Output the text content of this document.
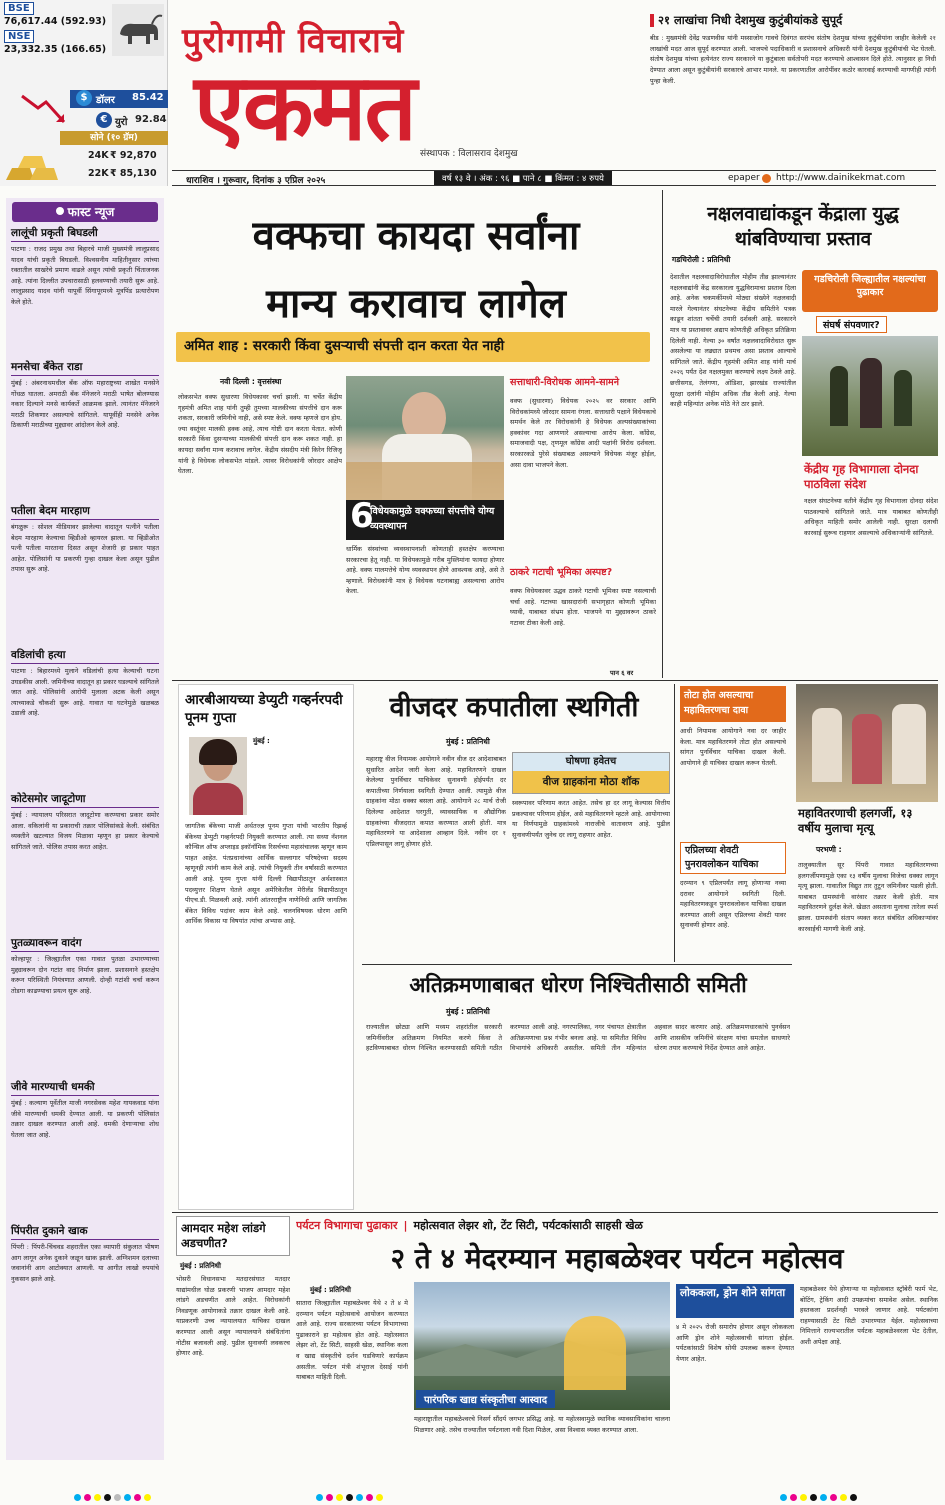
BSE
76,617.44 (592.93)
NSE
23,332.35 (166.65)
$ डॉलर 85.42
€ युरो 92.84
सोने (१० ग्रॅम)
24K ₹ 92,870
22K ₹ 85,130
पुरोगामी विचाराचे
एकमत संस्थापक : विलासराव देशमुख
२१ लाखांचा निधी देशमुख कुटुंबीयांकडे सुपूर्द
बीड : मुख्यमंत्री देवेंद्र फडणवीस यांनी मस्साजोग गावचे दिवंगत सरपंच संतोष देशमुख यांच्या कुटुंबीयांना जाहीर केलेली २१ लाखांची मदत आज सुपूर्द करण्यात आली. भाजपचे पदाधिकारी व प्रशासनाचे अधिकारी यांनी देशमुख कुटुंबीयांची भेट घेतली. संतोष देशमुख यांच्या हत्येनंतर राज्य सरकारने या कुटुंबाला सर्वतोपरी मदत करण्याचे आश्वासन दिले होते. त्यानुसार हा निधी देण्यात आला असून कुटुंबीयांनी सरकारचे आभार मानले. या प्रकरणातील आरोपींवर कठोर कारवाई करण्याची मागणीही त्यांनी पुन्हा केली.
धाराशिव । गुरूवार, दिनांक ३ एप्रिल २०२५	वर्ष १३ वे । अंक : ९६ ■ पाने ८ ■ किंमत : ४ रुपये	epaper http://www.dainikekmat.com
फास्ट न्यूज
लालूंची प्रकृती बिघडली
पाटणा : राजद प्रमुख तथा बिहारचे माजी मुख्यमंत्री लालूप्रसाद यादव यांची प्रकृती बिघडली. विश्वसनीय माहितीनुसार त्यांच्या रक्तातील साखरेचे प्रमाण वाढले असून त्यांची प्रकृती चिंताजनक आहे. त्यांना दिल्लीत उपचारासाठी हलवण्याची तयारी सुरू आहे. लालूप्रसाद यादव यांनी यापूर्वी सिंगापूरमध्ये मूत्रपिंड प्रत्यारोपण केले होते.
मनसेचा बँकेत राडा
मुंबई : अंबरनाथमधील बँक ऑफ महाराष्ट्रच्या शाखेत मनसेने गोंधळ घातला. अमराठी बँक मॅनेजरने मराठी भाषेत बोलण्यास नकार दिल्याने मनसे कार्यकर्ते आक्रमक झाले. त्यानंतर मॅनेजरने मराठी शिकणार असल्याचे सांगितले. यापूर्वीही मनसेने अनेक ठिकाणी मराठीच्या मुद्द्यावर आंदोलन केले आहे.
पतीला बेदम मारहाण
बंगळुरू : सोशल मीडियावर झालेल्या वादातून पत्नीने पतीला बेदम मारहाण केल्याचा व्हिडीओ व्हायरल झाला. या व्हिडीओत पत्नी पतीला मारताना दिसत असून शेजारी हा प्रकार पाहत आहेत. पोलिसांनी या प्रकरणी गुन्हा दाखल केला असून पुढील तपास सुरू आहे.
वडिलांची हत्या
पाटणा : बिहारमध्ये मुलाने वडिलांची हत्या केल्याची घटना उघडकीस आली. जमिनीच्या वादातून हा प्रकार घडल्याचे सांगितले जात आहे. पोलिसांनी आरोपी मुलाला अटक केली असून त्याच्याकडे चौकशी सुरू आहे. गावात या घटनेमुळे खळबळ उडाली आहे.
कोटेसमोर जादूटोणा
मुंबई : न्यायालय परिसरात जादूटोणा करण्याचा प्रकार समोर आला. वकिलांनी या प्रकाराची तक्रार पोलिसांकडे केली. संबंधित व्यक्तीने खटल्यात विजय मिळावा म्हणून हा प्रकार केल्याचे सांगितले जाते. पोलिस तपास करत आहेत.
पुतळ्यावरून वादंग
कोल्हापूर : जिल्ह्यातील एका गावात पुतळा उभारण्याच्या मुद्द्यावरून दोन गटांत वाद निर्माण झाला. प्रशासनाने हस्तक्षेप करून परिस्थिती नियंत्रणात आणली. दोन्ही गटांशी चर्चा करून तोडगा काढण्याचा प्रयत्न सुरू आहे.
जीवे मारण्याची धमकी
मुंबई : कल्याण पूर्वेतील माजी नगरसेवक महेश गायकवाड यांना जीवे मारण्याची धमकी देण्यात आली. या प्रकरणी पोलिसांत तक्रार दाखल करण्यात आली आहे. धमकी देणाऱ्याचा शोध घेतला जात आहे.
पिंपरीत दुकाने खाक
पिंपरी : पिंपरी-चिंचवड शहरातील एका व्यापारी संकुलात भीषण आग लागून अनेक दुकाने जळून खाक झाली. अग्निशमन दलाच्या जवानांनी आग आटोक्यात आणली. या आगीत लाखो रुपयांचे नुकसान झाले आहे.
वक्फचा कायदा सर्वांना
मान्य करावाच लागेल
अमित शाह : सरकारी किंवा दुसऱ्याची संपत्ती दान करता येत नाही
नवी दिल्ली : वृत्तसंस्था
लोकसभेत वक्फ सुधारणा विधेयकावर चर्चा झाली. या चर्चेत केंद्रीय गृहमंत्री अमित शाह यांनी तुम्ही तुमच्या मालकीच्या संपत्तीचे दान करू शकता, सरकारी जमिनीचे नाही, असे स्पष्ट केले. वक्फ म्हणजे दान होय. ज्या वस्तूंवर मालकी हक्क आहे, त्याच गोष्टी दान करता येतात. कोणी सरकारी किंवा दुसऱ्याच्या मालकीची संपत्ती दान करू शकत नाही. हा कायदा सर्वांना मान्य करावाच लागेल. केंद्रीय संसदीय मंत्री किरेन रिजिजू यांनी हे विधेयक लोकसभेत मांडले. त्यावर विरोधकांनी जोरदार आक्षेप घेतला.
6
विधेयकामुळे वक्फच्या संपत्तीचे योग्य व्यवस्थापन
धार्मिक संस्थांच्या व्यवस्थापनाशी कोणताही हस्तक्षेप करण्याचा सरकारचा हेतू नाही. या विधेयकामुळे गरीब मुस्लिमांना फायदा होणार आहे. वक्फ मालमत्तेचे योग्य व्यवस्थापन होणे आवश्यक आहे, असे ते म्हणाले. विरोधकांनी मात्र हे विधेयक घटनाबाह्य असल्याचा आरोप केला.
सत्ताधारी-विरोधक आमने-सामने
वक्फ (सुधारणा) विधेयक २०२५ वर सरकार आणि विरोधकांमध्ये जोरदार सामना रंगला. सत्ताधारी पक्षाने विधेयकाचे समर्थन केले तर विरोधकांनी हे विधेयक अल्पसंख्याकांच्या हक्कांवर गदा आणणारे असल्याचा आरोप केला. काँग्रेस, समाजवादी पक्ष, तृणमूल काँग्रेस आदी पक्षांनी विरोध दर्शवला. सरकारकडे पुरेसे संख्याबळ असल्याने विधेयक मंजूर होईल, असा दावा भाजपने केला.
ठाकरे गटाची भूमिका अस्पष्ट?
वक्फ विधेयकावर उद्धव ठाकरे गटाची भूमिका स्पष्ट नसल्याची चर्चा आहे. गटाच्या खासदारांनी सभागृहात कोणती भूमिका घ्यावी, याबाबत संभ्रम होता. भाजपने या मुद्द्यावरून ठाकरे गटावर टीका केली आहे.
पान ६ वर
नक्षलवाद्यांकडून केंद्राला युद्ध थांबविण्याचा प्रस्ताव
गडचिरोली : प्रतिनिधी
देशातील नक्षलवादाविरोधातील मोहीम तीव्र झाल्यानंतर नक्षलवाद्यांनी केंद्र सरकारला युद्धविरामाचा प्रस्ताव दिला आहे. अनेक चकमकींमध्ये मोठ्या संख्येने नक्षलवादी मारले गेल्यानंतर संघटनेच्या केंद्रीय समितीने पत्रक काढून शांतता चर्चेची तयारी दर्शवली आहे. सरकारने मात्र या प्रस्तावावर अद्याप कोणतीही अधिकृत प्रतिक्रिया दिलेली नाही. गेल्या ३० वर्षांत नक्षलवादाविरोधात सुरू असलेल्या या लढ्यात प्रथमच असा प्रस्ताव आल्याचे सांगितले जाते. केंद्रीय गृहमंत्री अमित शाह यांनी मार्च २०२६ पर्यंत देश नक्षलमुक्त करण्याचे लक्ष्य ठेवले आहे. छत्तीसगड, तेलंगणा, ओडिशा, झारखंड राज्यांतील सुरक्षा दलांनी मोहीम अधिक तीव्र केली आहे. गेल्या काही महिन्यांत अनेक मोठे नेते ठार झाले.
गडचिरोली जिल्ह्यातील नक्षल्यांचा पुढाकार
संघर्ष संपवणार?
केंद्रीय गृह विभागाला दोनदा पाठविला संदेश
नक्षल संघटनेच्या वतीने केंद्रीय गृह विभागाला दोनदा संदेश पाठवल्याचे सांगितले जाते. मात्र याबाबत कोणतीही अधिकृत माहिती समोर आलेली नाही. सुरक्षा दलाची कारवाई सुरूच राहणार असल्याचे अधिकाऱ्यांनी सांगितले.
आरबीआयच्या डेप्युटी गव्हर्नरपदी पूनम गुप्ता
मुंबई :
जागतिक बँकेच्या माजी अर्थतज्ज्ञ पूनम गुप्ता यांची भारतीय रिझर्व्ह बँकेच्या डेप्युटी गव्हर्नरपदी नियुक्ती करण्यात आली. त्या सध्या नॅशनल कौन्सिल ऑफ अप्लाइड इकॉनॉमिक रिसर्चच्या महासंचालक म्हणून काम पाहत आहेत. पंतप्रधानांच्या आर्थिक सल्लागार परिषदेच्या सदस्य म्हणूनही त्यांनी काम केले आहे. त्यांची नियुक्ती तीन वर्षांसाठी करण्यात आली आहे. पूनम गुप्ता यांनी दिल्ली विद्यापीठातून अर्थशास्त्रात पदव्युत्तर शिक्षण घेतले असून अमेरिकेतील मेरीलँड विद्यापीठातून पीएच.डी. मिळवली आहे. त्यांनी आंतरराष्ट्रीय नाणेनिधी आणि जागतिक बँकेत विविध पदांवर काम केले आहे. चलनविषयक धोरण आणि आर्थिक विकास या विषयांत त्यांचा अभ्यास आहे.
वीजदर कपातीला स्थगिती
मुंबई : प्रतिनिधी
महाराष्ट्र वीज नियामक आयोगाने नवीन वीज दर आदेशाबाबत सुधारित आदेश जारी केला आहे. महावितरणने दाखल केलेल्या पुनर्विचार याचिकेवर सुनावणी होईपर्यंत दर कपातीच्या निर्णयाला स्थगिती देण्यात आली. त्यामुळे वीज ग्राहकांना मोठा धक्का बसला आहे. आयोगाने २८ मार्च रोजी दिलेल्या आदेशात घरगुती, व्यावसायिक व औद्योगिक ग्राहकांच्या वीजदरात कपात करण्यात आली होती. मात्र महावितरणने या आदेशाला आव्हान दिले. नवीन दर १ एप्रिलपासून लागू होणार होते.
घोषणा हवेतच
वीज ग्राहकांना मोठा शॉक
स्वरूपावर परिणाम करत आहेत. तसेच हा दर लागू केल्यास वित्तीय प्रकल्पावर परिणाम होईल, असे महावितरणने म्हटले आहे. आयोगाच्या या निर्णयामुळे ग्राहकांमध्ये नाराजीचे वातावरण आहे. पुढील सुनावणीपर्यंत जुनेच दर लागू राहणार आहेत.
तोटा होत असल्याचा महावितरणचा दावा
आधी नियामक आयोगाने नवा दर जाहीर केला. मात्र महावितरणने तोटा होत असल्याचे सांगत पुनर्विचार याचिका दाखल केली. आयोगाने ही याचिका दाखल करून घेतली.
एप्रिलच्या शेवटी पुनरावलोकन याचिका
दरम्यान ९ एप्रिलपर्यंत लागू होणाऱ्या नव्या दरावर आयोगाने स्थगिती दिली. महावितरणकडून पुनरावलोकन याचिका दाखल करण्यात आली असून एप्रिलच्या शेवटी यावर सुनावणी होणार आहे.
महावितरणाची हलगर्जी, १३ वर्षीय मुलाचा मृत्यू
परभणी :
तालुक्यातील सूर पिंपरी गावात महावितरणच्या हलगर्जीपणामुळे एका १३ वर्षीय मुलाचा विजेचा धक्का लागून मृत्यू झाला. गावातील विद्युत तार तुटून जमिनीवर पडली होती. याबाबत ग्रामस्थांनी वारंवार तक्रार केली होती. मात्र महावितरणने दुर्लक्ष केले. खेळत असताना मुलाचा तारेला स्पर्श झाला. ग्रामस्थांनी संताप व्यक्त करत संबंधित अधिकाऱ्यांवर कारवाईची मागणी केली आहे.
अतिक्रमणाबाबत धोरण निश्चितीसाठी समिती
मुंबई : प्रतिनिधी
राज्यातील छोट्या आणि मध्यम शहरांतील सरकारी जमिनींवरील अतिक्रमण नियमित करणे किंवा ते हटविण्याबाबत धोरण निश्चित करण्यासाठी समिती गठीत करण्यात आली आहे. नगरपालिका, नगर पंचायत क्षेत्रातील अतिक्रमणाचा प्रश्न गंभीर बनला आहे. या समितीत विविध विभागांचे अधिकारी असतील. समिती तीन महिन्यांत अहवाल सादर करणार आहे. अतिक्रमणधारकांचे पुनर्वसन आणि शासकीय जमिनींचे संरक्षण यांचा समतोल साधणारे धोरण तयार करण्याचे निर्देश देण्यात आले आहेत.
आमदार महेश लांडगे अडचणीत?
मुंबई : प्रतिनिधी
भोसरी विधानसभा मतदारसंघात मतदार याद्यांमधील घोळ प्रकरणी भाजप आमदार महेश लांडगे अडचणीत आले आहेत. विरोधकांनी निवडणूक आयोगाकडे तक्रार दाखल केली आहे. याप्रकरणी उच्च न्यायालयात याचिका दाखल करण्यात आली असून न्यायालयाने संबंधितांना नोटीस बजावली आहे. पुढील सुनावणी लवकरच होणार आहे.
पर्यटन विभागाचा पुढाकार | महोत्सवात लेझर शो, टेंट सिटी, पर्यटकांसाठी साहसी खेळ
२ ते ४ मेदरम्यान महाबळेश्वर पर्यटन महोत्सव
मुंबई : प्रतिनिधी
सातारा जिल्ह्यातील महाबळेश्वर येथे २ ते ४ मे दरम्यान पर्यटन महोत्सवाचे आयोजन करण्यात आले आहे. राज्य सरकारच्या पर्यटन विभागाच्या पुढाकाराने हा महोत्सव होत आहे. महोत्सवात लेझर शो, टेंट सिटी, साहसी खेळ, स्थानिक कला व खाद्य संस्कृतीचे दर्शन घडविणारे कार्यक्रम असतील. पर्यटन मंत्री शंभूराज देसाई यांनी याबाबत माहिती दिली.
पारंपरिक खाद्य संस्कृतीचा आस्वाद
महाराष्ट्रातील महाबळेश्वरचे निसर्ग सौंदर्य जगभर प्रसिद्ध आहे. या महोत्सवामुळे स्थानिक व्यावसायिकांना चालना मिळणार आहे. तसेच राज्यातील पर्यटनाला नवी दिशा मिळेल, असा विश्वास व्यक्त करण्यात आला.
लोककला, ड्रोन शोने सांगता
४ मे २०२५ रोजी समारोप होणार असून लोककला आणि ड्रोन शोने महोत्सवाची सांगता होईल. पर्यटकांसाठी विशेष सोयी उपलब्ध करून देण्यात येणार आहेत.
महाबळेश्वर येथे होणाऱ्या या महोत्सवात स्ट्रॉबेरी फार्म भेट, बोटिंग, ट्रेकिंग आदी उपक्रमांचा समावेश असेल. स्थानिक हस्तकला प्रदर्शनही भरवले जाणार आहे. पर्यटकांना राहण्यासाठी टेंट सिटी उभारण्यात येईल. महोत्सवाच्या निमित्ताने राज्यभरातील पर्यटक महाबळेश्वरला भेट देतील, अशी अपेक्षा आहे.
